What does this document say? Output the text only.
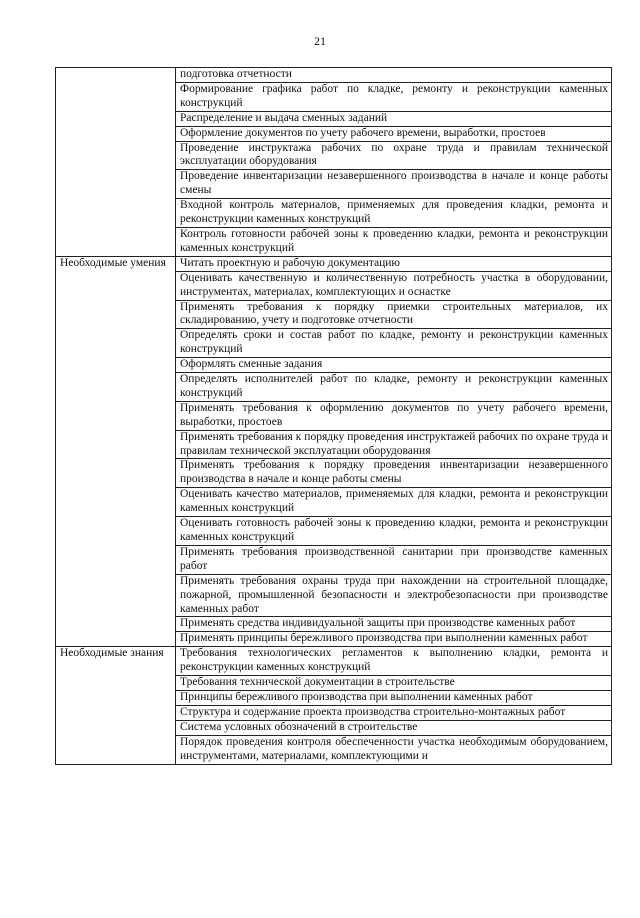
21
	подготовка отчетности
	Формирование графика работ по кладке, ремонту и реконструкции каменных конструкций
	Распределение и выдача сменных заданий
	Оформление документов по учету рабочего времени, выработки, простоев
	Проведение инструктажа рабочих по охране труда и правилам технической эксплуатации оборудования
	Проведение инвентаризации незавершенного производства в начале и конце работы смены
	Входной контроль материалов, применяемых для проведения кладки, ремонта и реконструкции каменных конструкций
	Контроль готовности рабочей зоны к проведению кладки, ремонта и реконструкции каменных конструкций
Необходимые умения	Читать проектную и рабочую документацию
	Оценивать качественную и количественную потребность участка в оборудовании, инструментах, материалах, комплектующих и оснастке
	Применять требования к порядку приемки строительных материалов, их складированию, учету и подготовке отчетности
	Определять сроки и состав работ по кладке, ремонту и реконструкции каменных конструкций
	Оформлять сменные задания
	Определять исполнителей работ по кладке, ремонту и реконструкции каменных конструкций
	Применять требования к оформлению документов по учету рабочего времени, выработки, простоев
	Применять требования к порядку проведения инструктажей рабочих по охране труда и правилам технической эксплуатации оборудования
	Применять требования к порядку проведения инвентаризации незавершенного производства в начале и конце работы смены
	Оценивать качество материалов, применяемых для кладки, ремонта и реконструкции каменных конструкций
	Оценивать готовность рабочей зоны к проведению кладки, ремонта и реконструкции каменных конструкций
	Применять требования производственной санитарии при производстве каменных работ
	Применять требования охраны труда при нахождении на строительной площадке, пожарной, промышленной безопасности и электробезопасности при производстве каменных работ
	Применять средства индивидуальной защиты при производстве каменных работ
	Применять принципы бережливого производства при выполнении каменных работ
Необходимые знания	Требования технологических регламентов к выполнению кладки, ремонта и реконструкции каменных конструкций
	Требования технической документации в строительстве
	Принципы бережливого производства при выполнении каменных работ
	Структура и содержание проекта производства строительно-монтажных работ
	Система условных обозначений в строительстве
	Порядок проведения контроля обеспеченности участка необходимым оборудованием, инструментами, материалами, комплектующими и
